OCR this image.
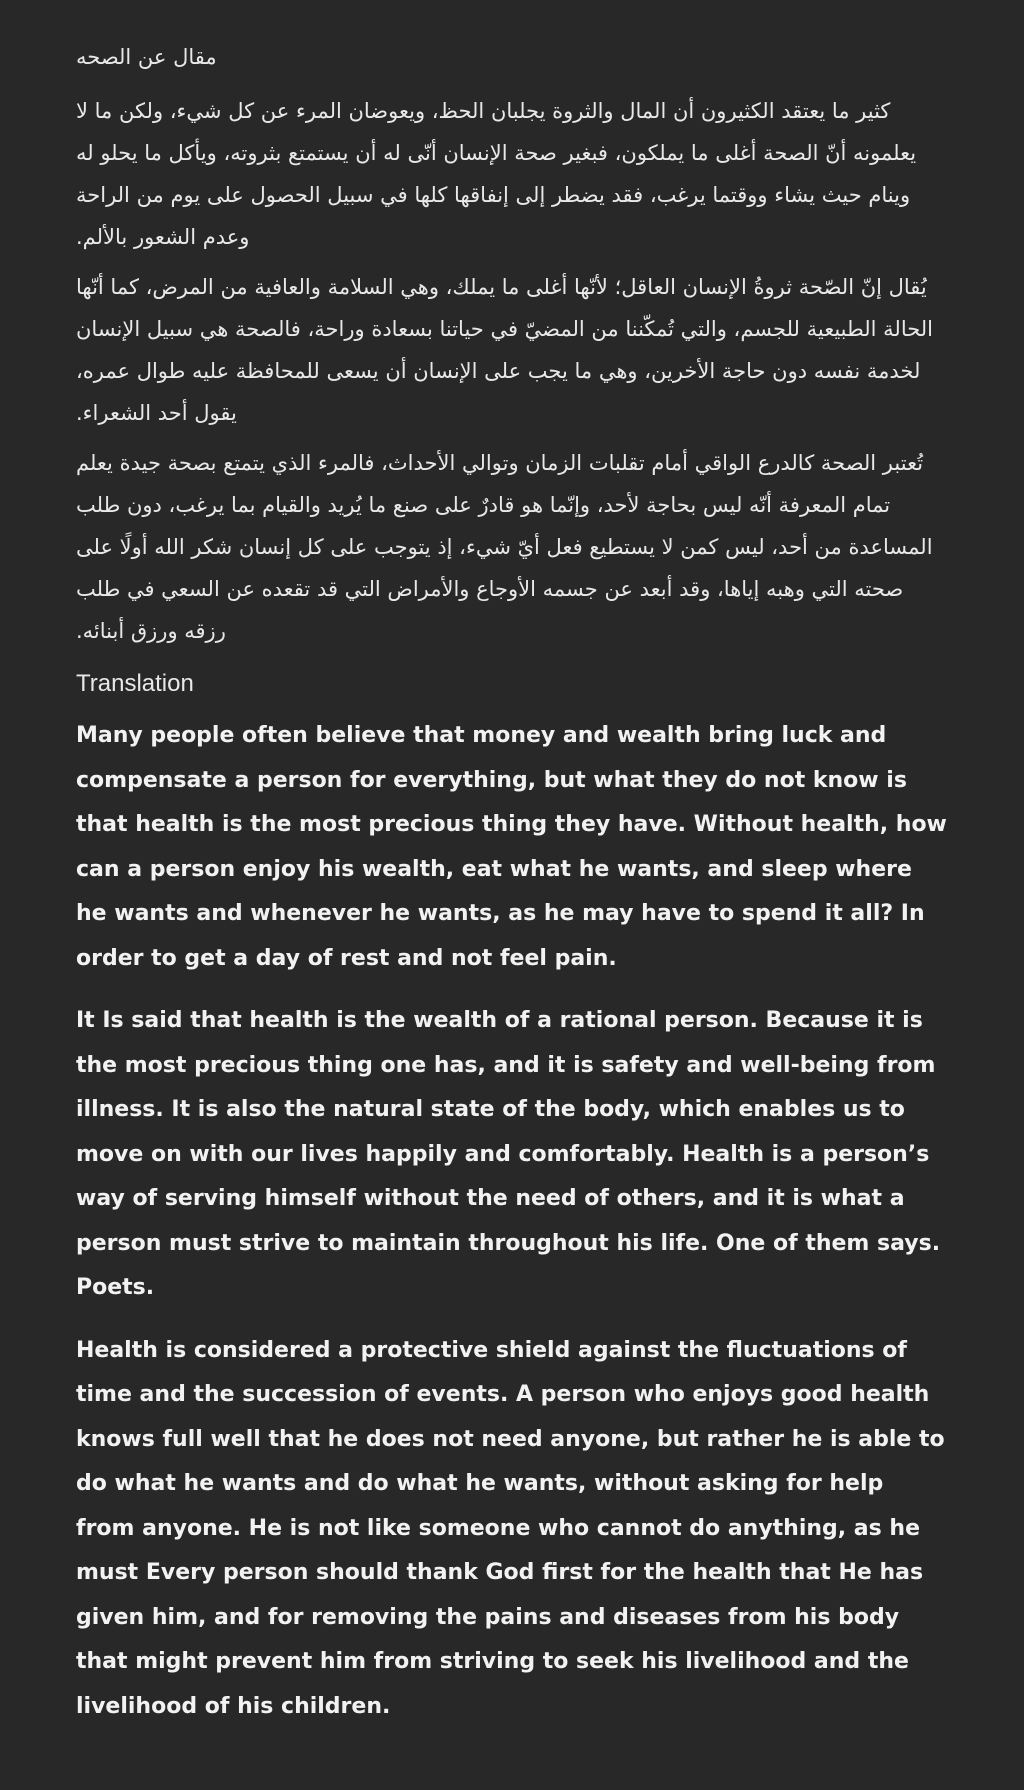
مقال عن الصحه

كثير ما يعتقد الكثيرون أن المال والثروة يجلبان الحظ، ويعوضان المرء عن كل شيء، ولكن ما لا يعلمونه أنّ الصحة أغلى ما يملكون، فبغير صحة الإنسان أنّى له أن يستمتع بثروته، ويأكل ما يحلو له وينام حيث يشاء ووقتما يرغب، فقد يضطر إلى إنفاقها كلها في سبيل الحصول على يوم من الراحة وعدم الشعور بالألم.

يُقال إنّ الصّحة ثروةُ الإنسان العاقل؛ لأنّها أغلى ما يملك، وهي السلامة والعافية من المرض، كما أنّها الحالة الطبيعية للجسم، والتي تُمكّننا من المضيّ في حياتنا بسعادة وراحة، فالصحة هي سبيل الإنسان لخدمة نفسه دون حاجة الأخرين، وهي ما يجب على الإنسان أن يسعى للمحافظة عليه طوال عمره، يقول أحد الشعراء.

تُعتبر الصحة كالدرع الواقي أمام تقلبات الزمان وتوالي الأحداث، فالمرء الذي يتمتع بصحة جيدة يعلم تمام المعرفة أنّه ليس بحاجة لأحد، وإنّما هو قادرٌ على صنع ما يُريد والقيام بما يرغب، دون طلب المساعدة من أحد، ليس كمن لا يستطيع فعل أيّ شيء، إذ يتوجب على كل إنسان شكر الله أولًا على صحته التي وهبه إياها، وقد أبعد عن جسمه الأوجاع والأمراض التي قد تقعده عن السعي في طلب رزقه ورزق أبنائه.

Translation

Many people often believe that money and wealth bring luck and compensate a person for everything, but what they do not know is that health is the most precious thing they have. Without health, how can a person enjoy his wealth, eat what he wants, and sleep where he wants and whenever he wants, as he may have to spend it all? In order to get a day of rest and not feel pain.

It Is said that health is the wealth of a rational person. Because it is the most precious thing one has, and it is safety and well-being from illness. It is also the natural state of the body, which enables us to move on with our lives happily and comfortably. Health is a person’s way of serving himself without the need of others, and it is what a person must strive to maintain throughout his life. One of them says. Poets.

Health is considered a protective shield against the fluctuations of time and the succession of events. A person who enjoys good health knows full well that he does not need anyone, but rather he is able to do what he wants and do what he wants, without asking for help from anyone. He is not like someone who cannot do anything, as he must Every person should thank God first for the health that He has given him, and for removing the pains and diseases from his body that might prevent him from striving to seek his livelihood and the livelihood of his children.
